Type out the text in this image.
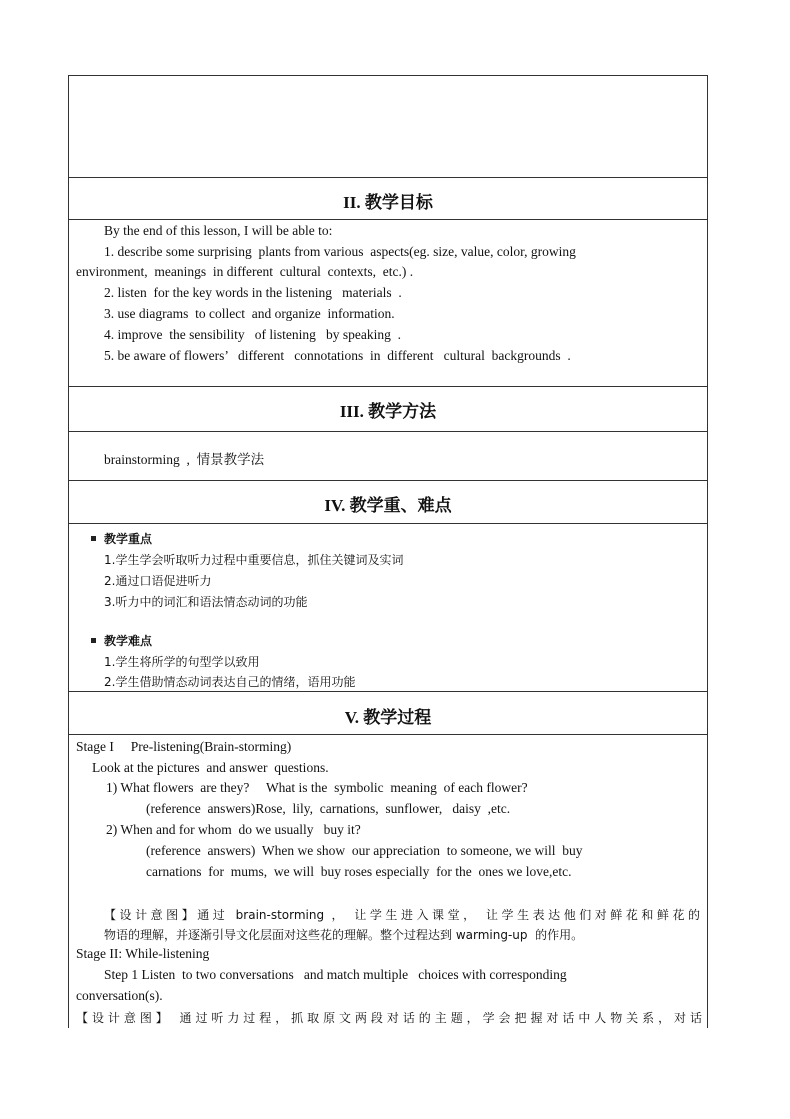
II. 教学目标
By the end of this lesson, I will be able to:
1. describe some surprising  plants from various  aspects(eg. size, value, color, growing
environment,  meanings  in different  cultural  contexts,  etc.) .
2. listen  for the key words in the listening   materials  .
3. use diagrams  to collect  and organize  information.
4. improve  the sensibility   of listening   by speaking  .
5. be aware of flowers’   different   connotations  in  different   cultural  backgrounds  .
III. 教学方法
brainstorming  ,  情景教学法
IV. 教学重、难点
教学重点
1.学生学会听取听力过程中重要信息，抓住关键词及实词
2.通过口语促进听力
3.听力中的词汇和语法情态动词的功能
教学难点
1.学生将所学的句型学以致用
2.学生借助情态动词表达自己的情绪，语用功能
V. 教学过程
Stage I     Pre-listening(Brain-storming)
Look at the pictures  and answer  questions.
1) What flowers  are they?     What is the  symbolic  meaning  of each flower?
(reference  answers)Rose,  lily,  carnations,  sunflower,   daisy  ,etc.
2) When and for whom  do we usually   buy it?
(reference  answers)  When we show  our appreciation  to someone, we will  buy
carnations  for  mums,  we will  buy roses especially  for the  ones we love,etc.
【设计意图】通过 brain-storming ， 让学生进入课堂， 让学生表达他们对鲜花和鲜花的
物语的理解，并逐渐引导文化层面对这些花的理解。整个过程达到 warming-up  的作用。
Stage II: While-listening
Step 1 Listen  to two conversations   and match multiple   choices with corresponding
conversation(s).
【设计意图】 通过听力过程，抓取原文两段对话的主题，学会把握对话中人物关系，对话
